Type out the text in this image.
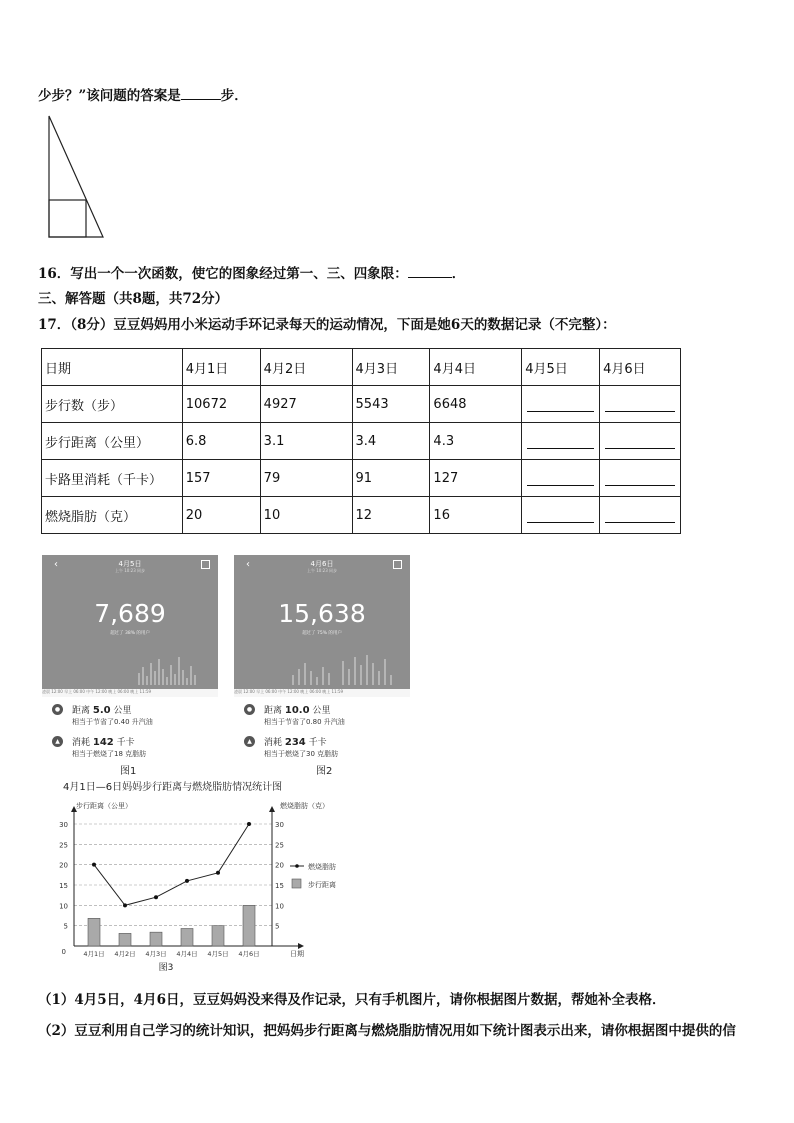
少步？”该问题的答案是	步．
16．写出一个一次函数，使它的图象经过第一、三、四象限：	．
三、解答题（共8题，共72分）
17．（8分）豆豆妈妈用小米运动手环记录每天的运动情况，下面是她6天的数据记录（不完整）：
日期	4月1日	4月2日	4月3日	4月4日	4月5日	4月6日
步行数（步）	10672	4927	5543	6648	

步行距离（公里）	6.8	3.1	3.4	4.3	

卡路里消耗（千卡）	157	79	91	127	

燃烧脂肪（克）	20	10	12	16	

‹	4月5日
上午 10:23 同步
7,689
超过了 38% 的用户
凌晨 12:00 早上 06:00 中午 12:00 晚上 06:00 晚上 11:59
●	距离 5.0 公里
相当于节省了0.40 升汽油
▲	消耗 142 千卡
相当于燃烧了18 克脂肪
图1
‹	4月6日
上午 10:23 同步
15,638
超过了 75% 的用户
凌晨 12:00 早上 06:00 中午 12:00 晚上 06:00 晚上 11:59
●	距离 10.0 公里
相当于节省了0.80 升汽油
▲	消耗 234 千卡
相当于燃烧了30 克脂肪
图2
4月1日—6日妈妈步行距离与燃烧脂肪情况统计图
步行距离（公里）	燃烧脂肪（克）
5	5
10	10
15	15
20	20
25	25
30	30
0	日期
4月1日 4月2日 4月3日 4月4日 4月5日 4月6日
燃烧脂肪
步行距离
图3
（1）4月5日，4月6日，豆豆妈妈没来得及作记录，只有手机图片，请你根据图片数据，帮她补全表格．
（2）豆豆利用自己学习的统计知识，把妈妈步行距离与燃烧脂肪情况用如下统计图表示出来，请你根据图中提供的信
